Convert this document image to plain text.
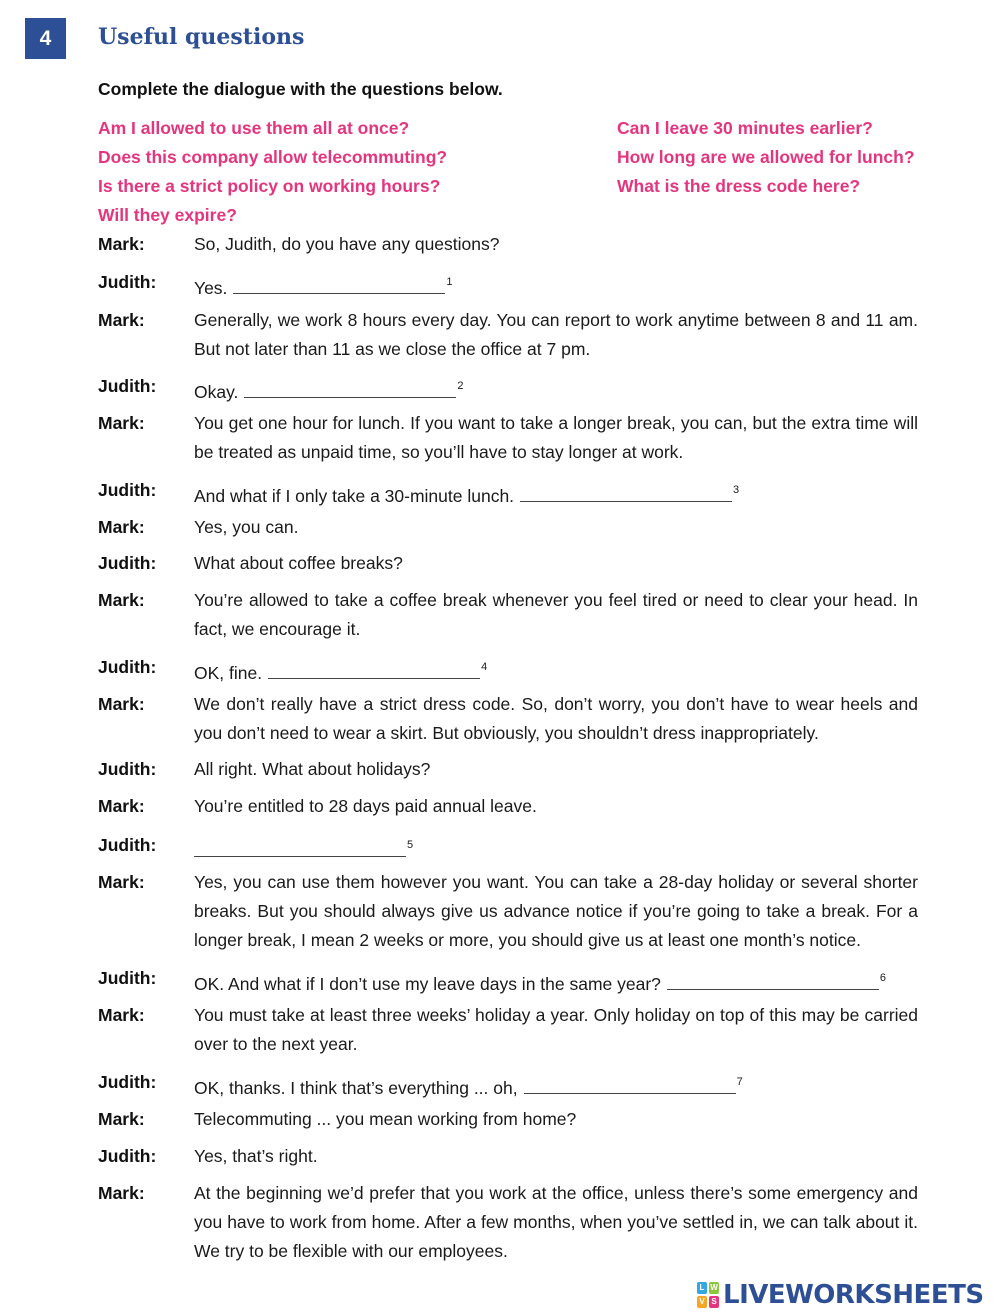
4	Useful questions
Complete the dialogue with the questions below.
Am I allowed to use them all at once?
Does this company allow telecommuting?
Is there a strict policy on working hours?
Will they expire?
Can I leave 30 minutes earlier?
How long are we allowed for lunch?
What is the dress code here?
Mark:	So, Judith, do you have any questions?
Judith:	Yes.	$^1$
Mark:	Generally, we work 8 hours every day. You can report to work anytime between 8 and 11 am. But not later than 11 as we close the office at 7 pm.
Judith:	Okay.	$^2$
Mark:	You get one hour for lunch. If you want to take a longer break, you can, but the extra time will be treated as unpaid time, so you’ll have to stay longer at work.
Judith:	And what if I only take a 30-minute lunch.	$^3$
Mark:	Yes, you can.
Judith:	What about coffee breaks?
Mark:	You’re allowed to take a coffee break whenever you feel tired or need to clear your head. In fact, we encourage it.
Judith:	OK, fine.	$^4$
Mark:	We don’t really have a strict dress code. So, don’t worry, you don’t have to wear heels and you don’t need to wear a skirt. But obviously, you shouldn’t dress inappropriately.
Judith:	All right. What about holidays?
Mark:	You’re entitled to 28 days paid annual leave.
Judith:	$^5$
Mark:	Yes, you can use them however you want. You can take a 28-day holiday or several shorter breaks. But you should always give us advance notice if you’re going to take a break. For a longer break, I mean 2 weeks or more, you should give us at least one month’s notice.
Judith:	OK. And what if I don’t use my leave days in the same year?	$^6$
Mark:	You must take at least three weeks’ holiday a year. Only holiday on top of this may be carried over to the next year.
Judith:	OK, thanks. I think that’s everything ... oh,	$^7$
Mark:	Telecommuting ... you mean working from home?
Judith:	Yes, that’s right.
Mark:	At the beginning we’d prefer that you work at the office, unless there’s some emergency and you have to work from home. After a few months, when you’ve settled in, we can talk about it. We try to be flexible with our employees.
L W
V S LIVEWORKSHEETS
